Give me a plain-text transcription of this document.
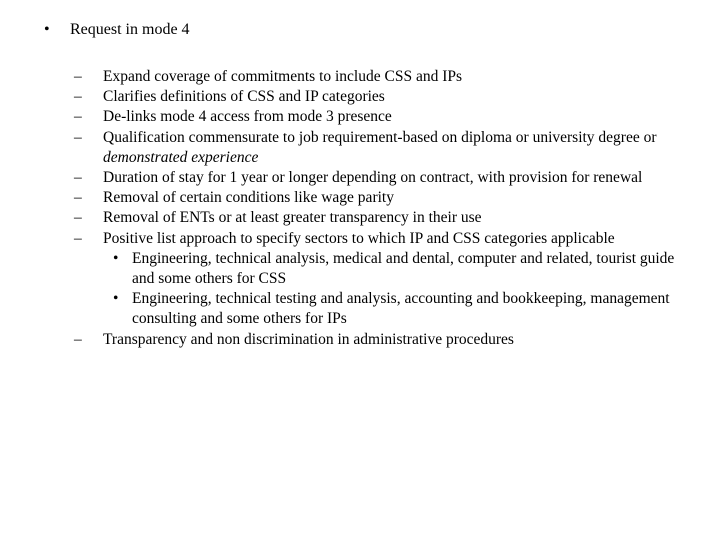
• Request in mode 4
– Expand coverage of commitments to include CSS and IPs
– Clarifies definitions of CSS and IP categories
– De-links mode 4 access from mode 3 presence
– Qualification commensurate to job requirement-based on diploma or university degree or demonstrated experience
– Duration of stay for 1 year or longer depending on contract, with provision for renewal
– Removal of certain conditions like wage parity
– Removal of ENTs or at least greater transparency in their use
– Positive list approach to specify sectors to which IP and CSS categories applicable
• Engineering, technical analysis, medical and dental, computer and related, tourist guide and some others for CSS
• Engineering, technical testing and analysis, accounting and bookkeeping, management consulting and some others for IPs
– Transparency and non discrimination in administrative procedures
